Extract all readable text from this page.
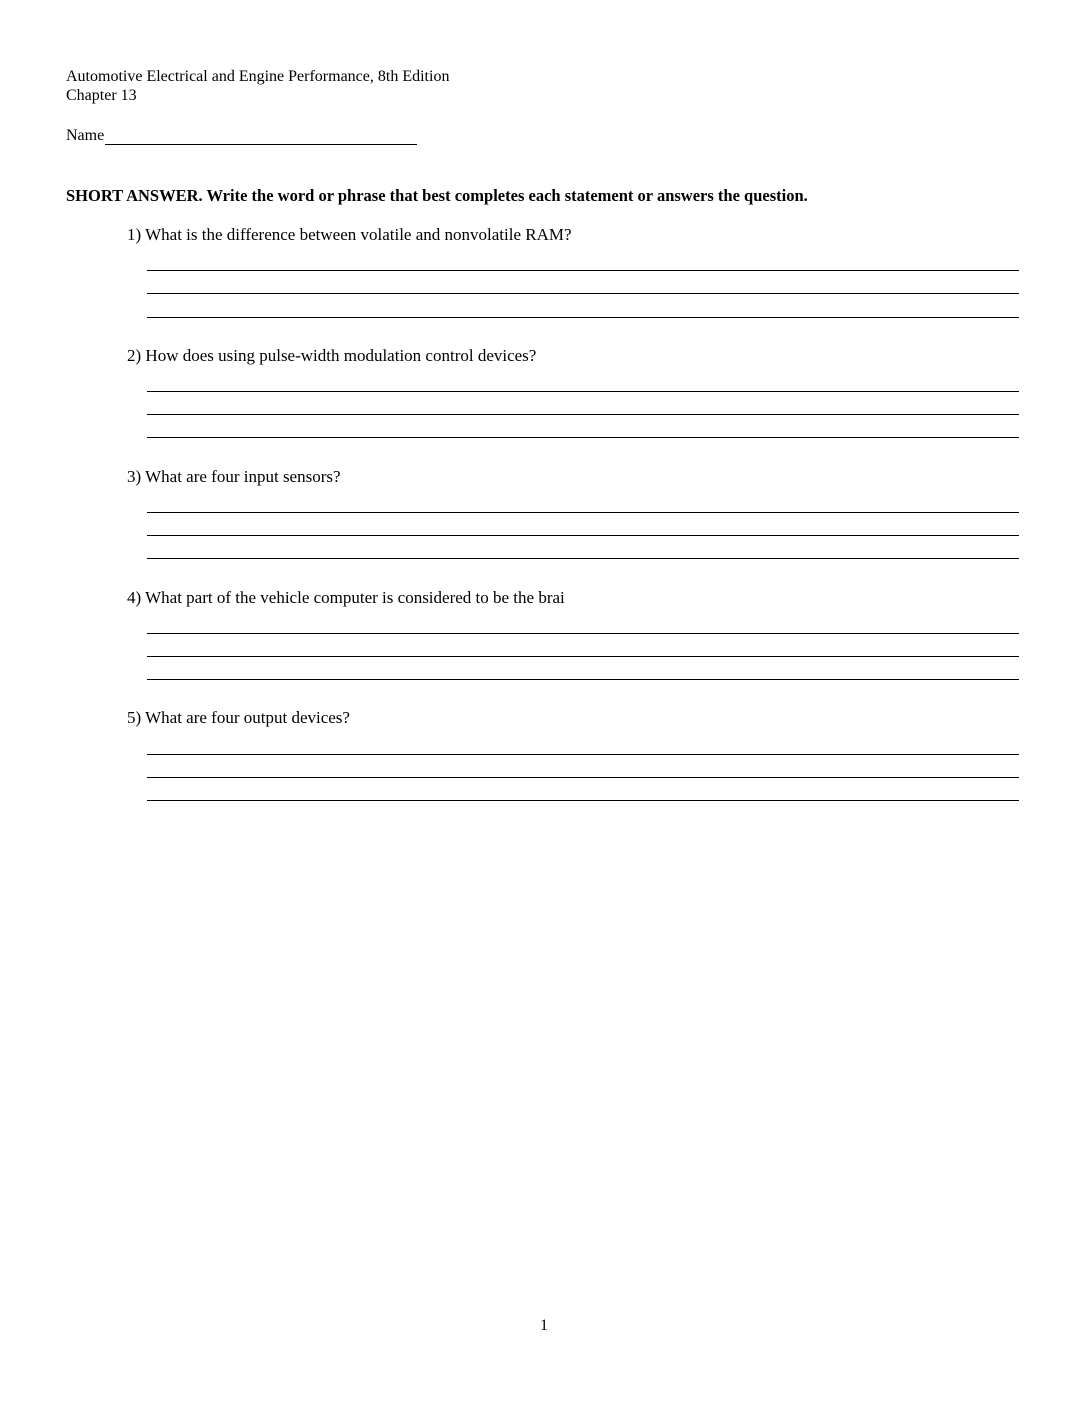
Automotive Electrical and Engine Performance, 8th Edition
Chapter 13
Name
SHORT ANSWER. Write the word or phrase that best completes each statement or answers the question.
1) What is the difference between volatile and nonvolatile RAM?
2) How does using pulse-width modulation control devices?
3) What are four input sensors?
4) What part of the vehicle computer is considered to be the brai
5) What are four output devices?
1
